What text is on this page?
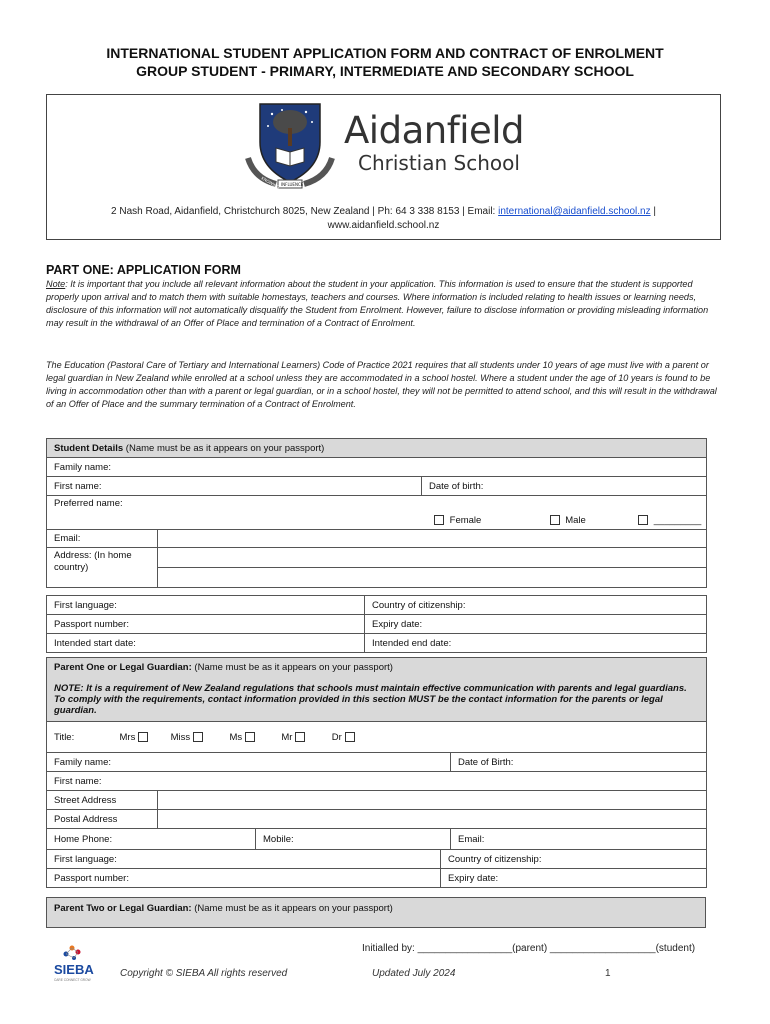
INTERNATIONAL STUDENT APPLICATION FORM AND CONTRACT OF ENROLMENT
GROUP STUDENT - PRIMARY, INTERMEDIATE AND SECONDARY SCHOOL
KNOWING INFLUENCE
Aidanfield
Christian School
2 Nash Road, Aidanfield, Christchurch 8025, New Zealand | Ph: 64 3 338 8153 | Email: international@aidanfield.school.nz |
www.aidanfield.school.nz
PART ONE: APPLICATION FORM
Note: It is important that you include all relevant information about the student in your application. This information is used to ensure that the student is supported properly upon arrival and to match them with suitable homestays, teachers and courses. Where information is included relating to health issues or learning needs, disclosure of this information will not automatically disqualify the Student from Enrolment. However, failure to disclose information or providing misleading information may result in the withdrawal of an Offer of Place and termination of a Contract of Enrolment.
The Education (Pastoral Care of Tertiary and International Learners) Code of Practice 2021 requires that all students under 10 years of age must live with a parent or legal guardian in New Zealand while enrolled at a school unless they are accommodated in a school hostel. Where a student under the age of 10 years is found to be living in accommodation other than with a parent or legal guardian, or in a school hostel, they will not be permitted to attend school, and this will result in the withdrawal of an Offer of Place and the summary termination of a Contract of Enrolment.
Student Details (Name must be as it appears on your passport)			
Family name:			
First name:			Date of birth:
Preferred name:
Female Male _________			

Email:			
Address: (In home country)			

First language:		Country of citizenship:	
Passport number:		Expiry date:	
Intended start date:		Intended end date:	
Parent One or Legal Guardian: (Name must be as it appears on your passport)
NOTE: It is a requirement of New Zealand regulations that schools must maintain effective communication with parents and legal guardians. To comply with the requirements, contact information provided in this section MUST be the contact information for the parents or legal guardian.				

Title: Mrs Miss Ms Mr Dr				
Family name:				Date of Birth:
First name:				
Street Address				
Postal Address				
Home Phone:		Mobile:		Email:
First language:			Country of citizenship:	
Passport number:			Expiry date:	
Parent Two or Legal Guardian: (Name must be as it appears on your passport)
Initialled by: _________________(parent) ___________________(student)
SIEBA
CARE CONNECT GROW
Copyright © SIEBA All rights reserved	Updated July 2024	1
